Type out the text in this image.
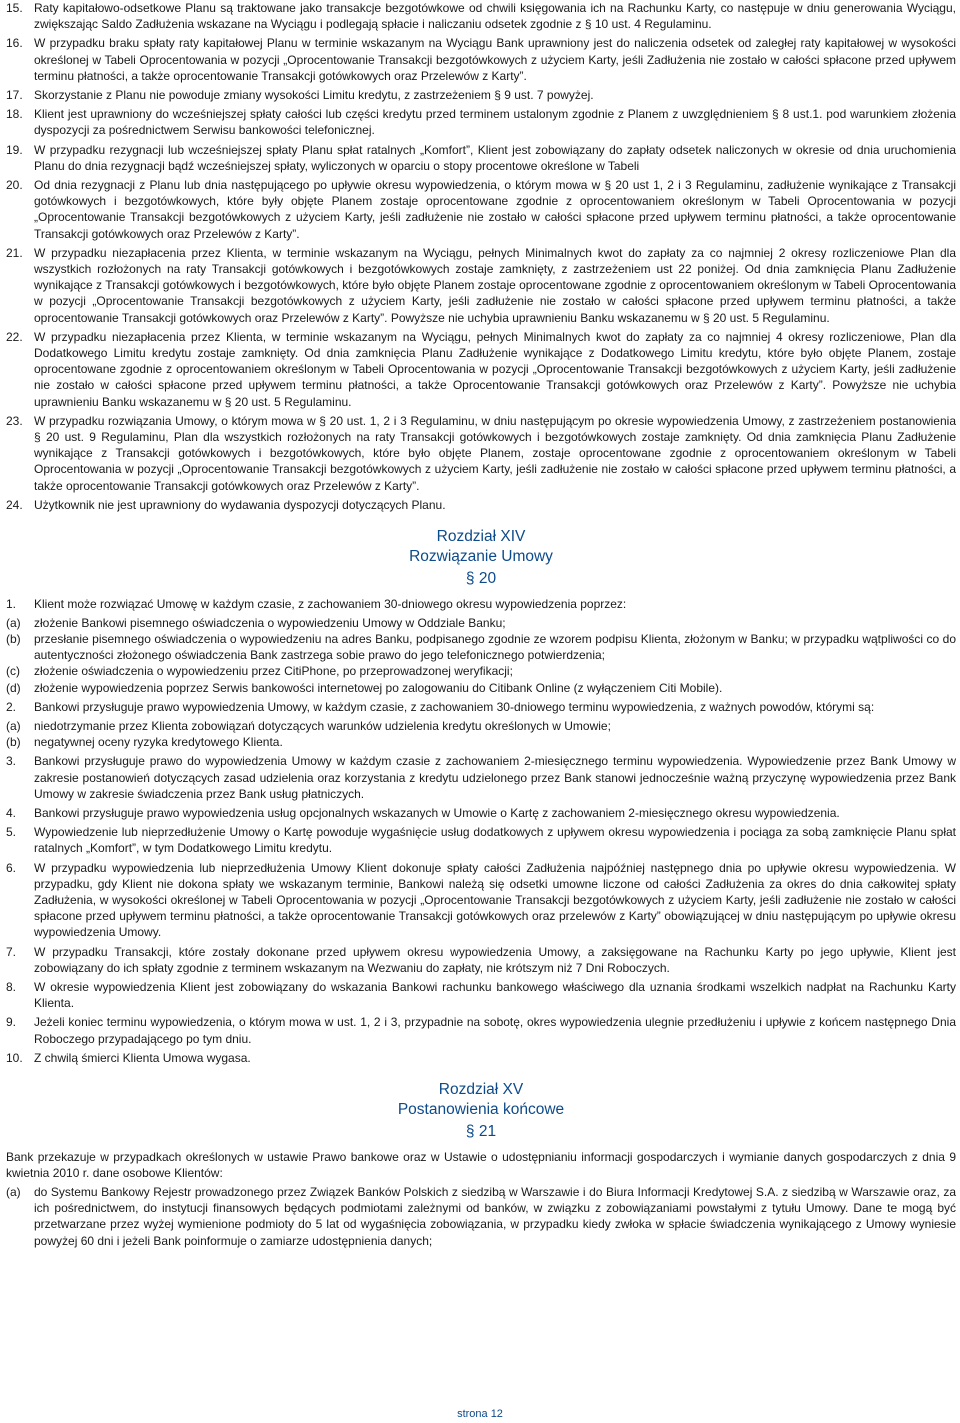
15. Raty kapitałowo-odsetkowe Planu są traktowane jako transakcje bezgotówkowe od chwili księgowania ich na Rachunku Karty, co następuje w dniu generowania Wyciągu, zwiększając Saldo Zadłużenia wskazane na Wyciągu i podlegają spłacie i naliczaniu odsetek zgodnie z § 10 ust. 4 Regulaminu.
16. W przypadku braku spłaty raty kapitałowej Planu w terminie wskazanym na Wyciągu Bank uprawniony jest do naliczenia odsetek od zaległej raty kapitałowej w wysokości określonej w Tabeli Oprocentowania w pozycji „Oprocentowanie Transakcji bezgotówkowych z użyciem Karty, jeśli Zadłużenia nie zostało w całości spłacone przed upływem terminu płatności, a także oprocentowanie Transakcji gotówkowych oraz Przelewów z Karty”.
17. Skorzystanie z Planu nie powoduje zmiany wysokości Limitu kredytu, z zastrzeżeniem § 9 ust. 7 powyżej.
18. Klient jest uprawniony do wcześniejszej spłaty całości lub części kredytu przed terminem ustalonym zgodnie z Planem z uwzględnieniem § 8 ust.1. pod warunkiem złożenia dyspozycji za pośrednictwem Serwisu bankowości telefonicznej.
19. W przypadku rezygnacji lub wcześniejszej spłaty Planu spłat ratalnych „Komfort”, Klient jest zobowiązany do zapłaty odsetek naliczonych w okresie od dnia uruchomienia Planu do dnia rezygnacji bądź wcześniejszej spłaty, wyliczonych w oparciu o stopy procentowe określone w Tabeli
20. Od dnia rezygnacji z Planu lub dnia następującego po upływie okresu wypowiedzenia, o którym mowa w § 20 ust 1, 2 i 3 Regulaminu, zadłużenie wynikające z Transakcji gotówkowych i bezgotówkowych, które były objęte Planem zostaje oprocentowane zgodnie z oprocentowaniem określonym w Tabeli Oprocentowania w pozycji „Oprocentowanie Transakcji bezgotówkowych z użyciem Karty, jeśli zadłużenie nie zostało w całości spłacone przed upływem terminu płatności, a także oprocentowanie Transakcji gotówkowych oraz Przelewów z Karty”.
21. W przypadku niezapłacenia przez Klienta, w terminie wskazanym na Wyciągu, pełnych Minimalnych kwot do zapłaty za co najmniej 2 okresy rozliczeniowe Plan dla wszystkich rozłożonych na raty Transakcji gotówkowych i bezgotówkowych zostaje zamknięty, z zastrzeżeniem ust 22 poniżej. Od dnia zamknięcia Planu Zadłużenie wynikające z Transakcji gotówkowych i bezgotówkowych, które było objęte Planem zostaje oprocentowane zgodnie z oprocentowaniem określonym w Tabeli Oprocentowania w pozycji „Oprocentowanie Transakcji bezgotówkowych z użyciem Karty, jeśli zadłużenie nie zostało w całości spłacone przed upływem terminu płatności, a także oprocentowanie Transakcji gotówkowych oraz Przelewów z Karty”. Powyższe nie uchybia uprawnieniu Banku wskazanemu w § 20 ust. 5 Regulaminu.
22. W przypadku niezapłacenia przez Klienta, w terminie wskazanym na Wyciągu, pełnych Minimalnych kwot do zapłaty za co najmniej 4 okresy rozliczeniowe, Plan dla Dodatkowego Limitu kredytu zostaje zamknięty. Od dnia zamknięcia Planu Zadłużenie wynikające z Dodatkowego Limitu kredytu, które było objęte Planem, zostaje oprocentowane zgodnie z oprocentowaniem określonym w Tabeli Oprocentowania w pozycji „Oprocentowanie Transakcji bezgotówkowych z użyciem Karty, jeśli zadłużenie nie zostało w całości spłacone przed upływem terminu płatności, a także Oprocentowanie Transakcji gotówkowych oraz Przelewów z Karty”. Powyższe nie uchybia uprawnieniu Banku wskazanemu w § 20 ust. 5 Regulaminu.
23. W przypadku rozwiązania Umowy, o którym mowa w § 20 ust. 1, 2 i 3 Regulaminu, w dniu następującym po okresie wypowiedzenia Umowy, z zastrzeżeniem postanowienia § 20 ust. 9 Regulaminu, Plan dla wszystkich rozłożonych na raty Transakcji gotówkowych i bezgotówkowych zostaje zamknięty. Od dnia zamknięcia Planu Zadłużenie wynikające z Transakcji gotówkowych i bezgotówkowych, które było objęte Planem, zostaje oprocentowane zgodnie z oprocentowaniem określonym w Tabeli Oprocentowania w pozycji „Oprocentowanie Transakcji bezgotówkowych z użyciem Karty, jeśli zadłużenie nie zostało w całości spłacone przed upływem terminu płatności, a także oprocentowanie Transakcji gotówkowych oraz Przelewów z Karty”.
24. Użytkownik nie jest uprawniony do wydawania dyspozycji dotyczących Planu.
Rozdział XIV
Rozwiązanie Umowy
§ 20
1.	Klient może rozwiązać Umowę w każdym czasie, z zachowaniem 30-dniowego okresu wypowiedzenia poprzez:
(a)	złożenie Bankowi pisemnego oświadczenia o wypowiedzeniu Umowy w Oddziale Banku;
(b)	przesłanie pisemnego oświadczenia o wypowiedzeniu na adres Banku, podpisanego zgodnie ze wzorem podpisu Klienta, złożonym w Banku; w przypadku wątpliwości co do autentyczności złożonego oświadczenia Bank zastrzega sobie prawo do jego telefonicznego potwierdzenia;
(c)	złożenie oświadczenia o wypowiedzeniu przez CitiPhone, po przeprowadzonej weryfikacji;
(d)	złożenie wypowiedzenia poprzez Serwis bankowości internetowej po zalogowaniu do Citibank Online (z wyłączeniem Citi Mobile).
2.	Bankowi przysługuje prawo wypowiedzenia Umowy, w każdym czasie, z zachowaniem 30-dniowego terminu wypowiedzenia, z ważnych powodów, którymi są:
(a)	niedotrzymanie przez Klienta zobowiązań dotyczących warunków udzielenia kredytu określonych w Umowie;
(b)	negatywnej oceny ryzyka kredytowego Klienta.
3.	Bankowi przysługuje prawo do wypowiedzenia Umowy w każdym czasie z zachowaniem 2-miesięcznego terminu wypowiedzenia. Wypowiedzenie przez Bank Umowy w zakresie postanowień dotyczących zasad udzielenia oraz korzystania z kredytu udzielonego przez Bank stanowi jednocześnie ważną przyczynę wypowiedzenia przez Bank Umowy w zakresie świadczenia przez Bank usług płatniczych.
4.	Bankowi przysługuje prawo wypowiedzenia usług opcjonalnych wskazanych w Umowie o Kartę z zachowaniem 2-miesięcznego okresu wypowiedzenia.
5.	Wypowiedzenie lub nieprzedłużenie Umowy o Kartę powoduje wygaśnięcie usług dodatkowych z upływem okresu wypowiedzenia i pociąga za sobą zamknięcie Planu spłat ratalnych „Komfort”, w tym Dodatkowego Limitu kredytu.
6.	W przypadku wypowiedzenia lub nieprzedłużenia Umowy Klient dokonuje spłaty całości Zadłużenia najpóźniej następnego dnia po upływie okresu wypowiedzenia. W przypadku, gdy Klient nie dokona spłaty we wskazanym terminie, Bankowi należą się odsetki umowne liczone od całości Zadłużenia za okres do dnia całkowitej spłaty Zadłużenia, w wysokości określonej w Tabeli Oprocentowania w pozycji „Oprocentowanie Transakcji bezgotówkowych z użyciem Karty, jeśli zadłużenie nie zostało w całości spłacone przed upływem terminu płatności, a także oprocentowanie Transakcji gotówkowych oraz przelewów z Karty” obowiązującej w dniu następującym po upływie okresu wypowiedzenia Umowy.
7.	W przypadku Transakcji, które zostały dokonane przed upływem okresu wypowiedzenia Umowy, a zaksięgowane na Rachunku Karty po jego upływie, Klient jest zobowiązany do ich spłaty zgodnie z terminem wskazanym na Wezwaniu do zapłaty, nie krótszym niż 7 Dni Roboczych.
8.	W okresie wypowiedzenia Klient jest zobowiązany do wskazania Bankowi rachunku bankowego właściwego dla uznania środkami wszelkich nadpłat na Rachunku Karty Klienta.
9.	Jeżeli koniec terminu wypowiedzenia, o którym mowa w ust. 1, 2 i 3, przypadnie na sobotę, okres wypowiedzenia ulegnie przedłużeniu i upływie z końcem następnego Dnia Roboczego przypadającego po tym dniu.
10. Z chwilą śmierci Klienta Umowa wygasa.
Rozdział XV
Postanowienia końcowe
§ 21
Bank przekazuje w przypadkach określonych w ustawie Prawo bankowe oraz w Ustawie o udostępnianiu informacji gospodarczych i wymianie danych gospodarczych z dnia 9 kwietnia 2010 r. dane osobowe Klientów:
(a)	do Systemu Bankowy Rejestr prowadzonego przez Związek Banków Polskich z siedzibą w Warszawie i do Biura Informacji Kredytowej S.A. z siedzibą w Warszawie oraz, za ich pośrednictwem, do instytucji finansowych będących podmiotami zależnymi od banków, w związku z zobowiązaniami powstałymi z tytułu Umowy. Dane te mogą być przetwarzane przez wyżej wymienione podmioty do 5 lat od wygaśnięcia zobowiązania, w przypadku kiedy zwłoka w spłacie świadczenia wynikającego z Umowy wyniesie powyżej 60 dni i jeżeli Bank poinformuje o zamiarze udostępnienia danych;
strona 12
